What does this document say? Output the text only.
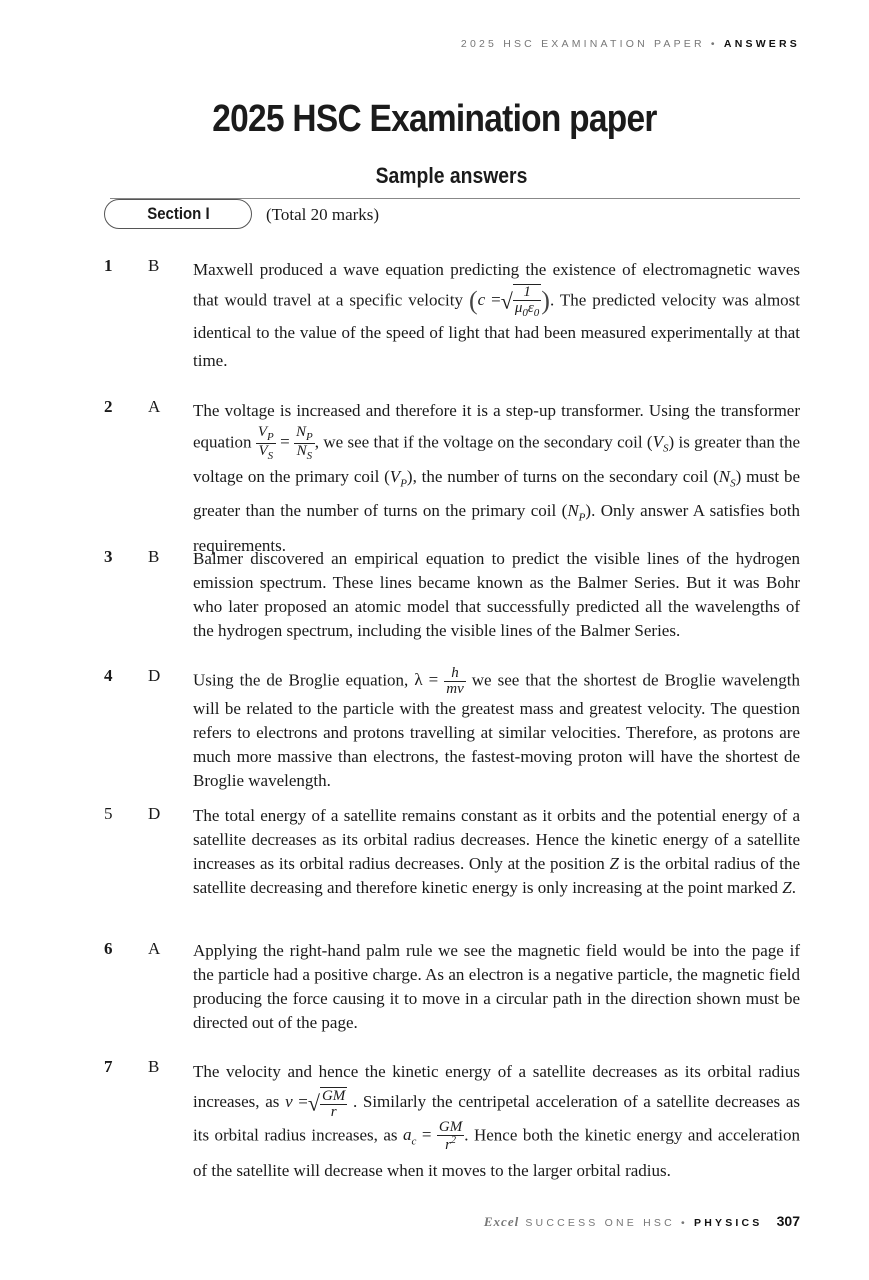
2025 HSC EXAMINATION PAPER • ANSWERS
2025 HSC Examination paper
Sample answers
Section I	(Total 20 marks)
1 B Maxwell produced a wave equation predicting the existence of electromagnetic waves that would travel at a specific velocity (c =√ $\frac{1}{\mu_0\varepsilon_0}$ ). The predicted velocity was almost identical to the value of the speed of light that had been measured experimentally at that time.
2 A The voltage is increased and therefore it is a step-up transformer. Using the transformer equation $\frac{V_P}{V_S} = \frac{N_P}{N_S}$ , we see that if the voltage on the secondary coil $(V_S)$ is greater than the voltage on the primary coil $(V_P)$, the number of turns on the secondary coil $(N_S)$ must be greater than the number of turns on the primary coil $(N_P)$. Only answer A satisfies both requirements.
3 B Balmer discovered an empirical equation to predict the visible lines of the hydrogen emission spectrum. These lines became known as the Balmer Series. But it was Bohr who later proposed an atomic model that successfully predicted all the wavelengths of the hydrogen spectrum, including the visible lines of the Balmer Series.
4 D Using the de Broglie equation, $\lambda = \frac{h}{mv}$ we see that the shortest de Broglie wavelength will be related to the particle with the greatest mass and greatest velocity. The question refers to electrons and protons travelling at similar velocities. Therefore, as protons are much more massive than electrons, the fastest-moving proton will have the shortest de Broglie wavelength.
5 D The total energy of a satellite remains constant as it orbits and the potential energy of a satellite decreases as its orbital radius decreases. Hence the kinetic energy of a satellite increases as its orbital radius decreases. Only at the position Z is the orbital radius of the satellite decreasing and therefore kinetic energy is only increasing at the point marked Z.
6 A Applying the right-hand palm rule we see the magnetic field would be into the page if the particle had a positive charge. As an electron is a negative particle, the magnetic field producing the force causing it to move in a circular path in the direction shown must be directed out of the page.
7 B The velocity and hence the kinetic energy of a satellite decreases as its orbital radius increases, as v =√ $\frac{GM}{r}$ . Similarly the centripetal acceleration of a satellite decreases as its orbital radius increases, as $a_c = \frac{GM}{r^2}$ . Hence both the kinetic energy and acceleration of the satellite will decrease when it moves to the larger orbital radius.
Excel SUCCESS ONE HSC • PHYSICS 307
